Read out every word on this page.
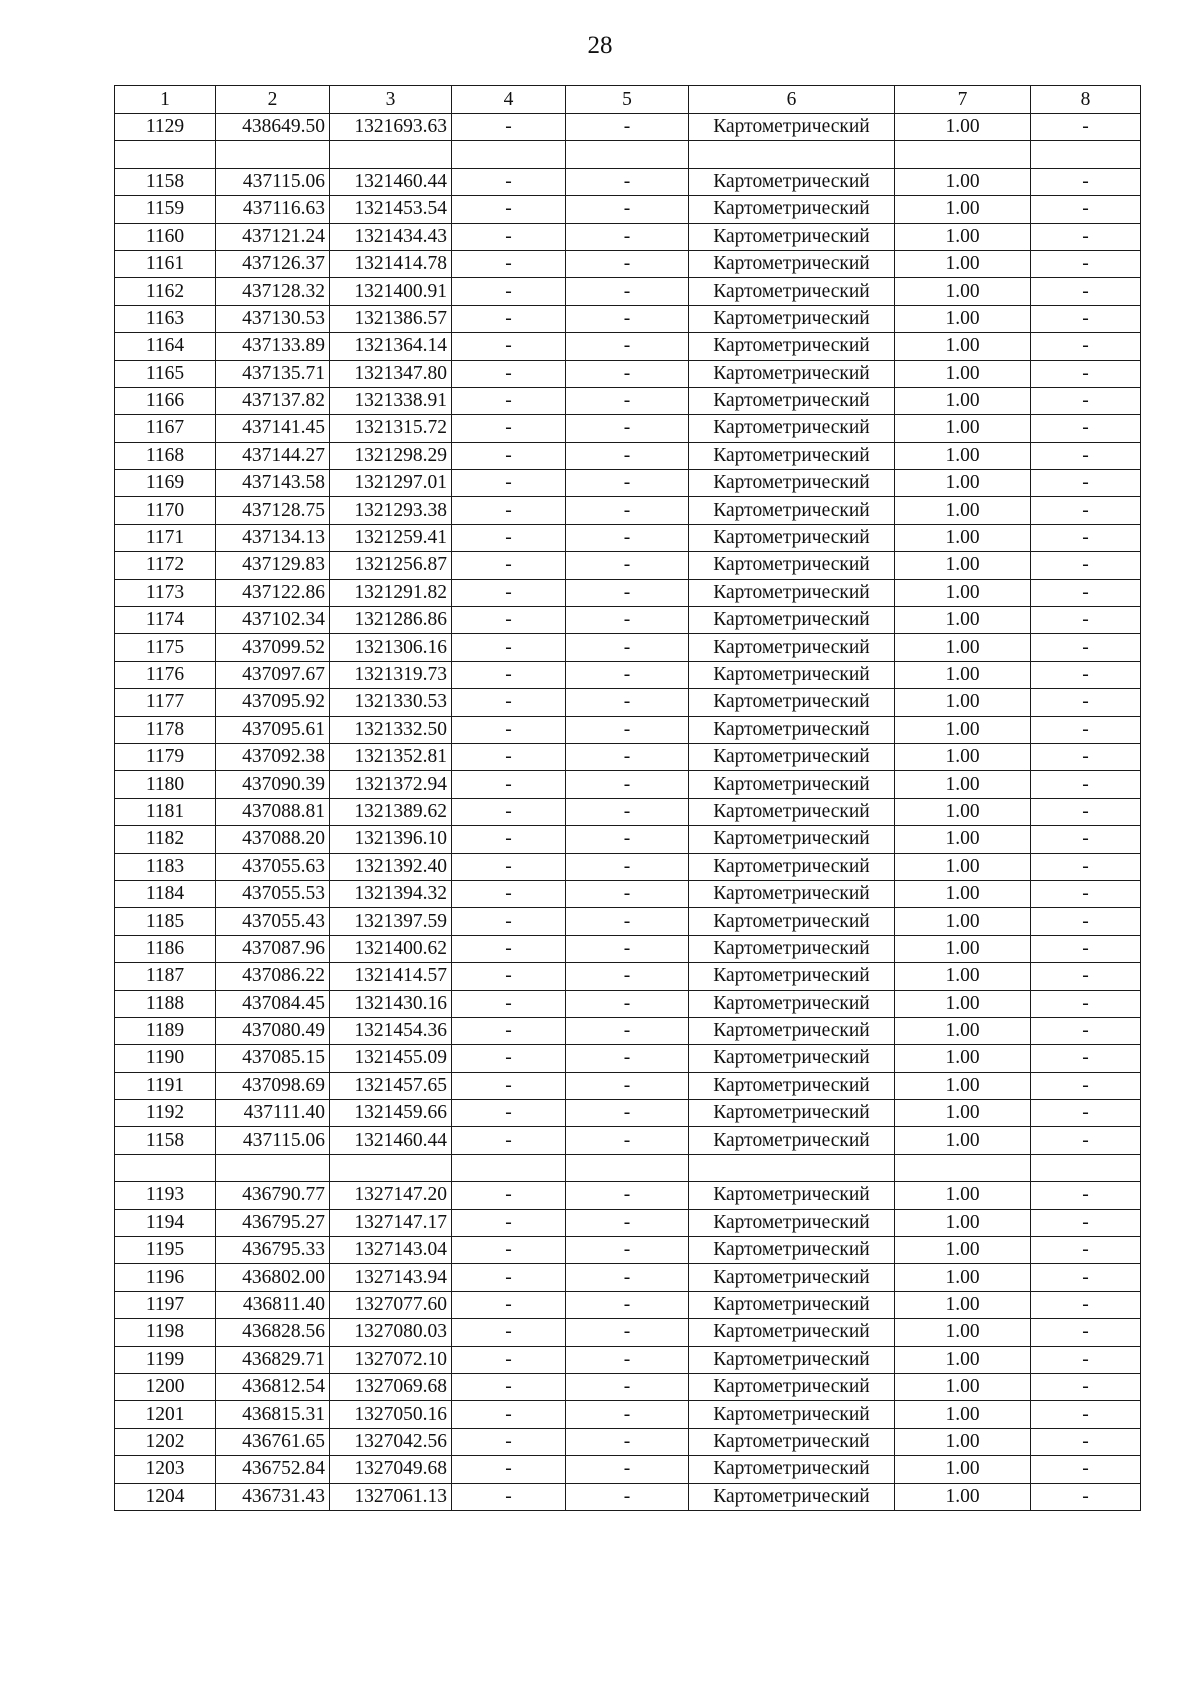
28
1	2	3	4	5	6	7	8
1129	438649.50	1321693.63	-	-	Картометрический	1.00	-

1158	437115.06	1321460.44	-	-	Картометрический	1.00	-
1159	437116.63	1321453.54	-	-	Картометрический	1.00	-
1160	437121.24	1321434.43	-	-	Картометрический	1.00	-
1161	437126.37	1321414.78	-	-	Картометрический	1.00	-
1162	437128.32	1321400.91	-	-	Картометрический	1.00	-
1163	437130.53	1321386.57	-	-	Картометрический	1.00	-
1164	437133.89	1321364.14	-	-	Картометрический	1.00	-
1165	437135.71	1321347.80	-	-	Картометрический	1.00	-
1166	437137.82	1321338.91	-	-	Картометрический	1.00	-
1167	437141.45	1321315.72	-	-	Картометрический	1.00	-
1168	437144.27	1321298.29	-	-	Картометрический	1.00	-
1169	437143.58	1321297.01	-	-	Картометрический	1.00	-
1170	437128.75	1321293.38	-	-	Картометрический	1.00	-
1171	437134.13	1321259.41	-	-	Картометрический	1.00	-
1172	437129.83	1321256.87	-	-	Картометрический	1.00	-
1173	437122.86	1321291.82	-	-	Картометрический	1.00	-
1174	437102.34	1321286.86	-	-	Картометрический	1.00	-
1175	437099.52	1321306.16	-	-	Картометрический	1.00	-
1176	437097.67	1321319.73	-	-	Картометрический	1.00	-
1177	437095.92	1321330.53	-	-	Картометрический	1.00	-
1178	437095.61	1321332.50	-	-	Картометрический	1.00	-
1179	437092.38	1321352.81	-	-	Картометрический	1.00	-
1180	437090.39	1321372.94	-	-	Картометрический	1.00	-
1181	437088.81	1321389.62	-	-	Картометрический	1.00	-
1182	437088.20	1321396.10	-	-	Картометрический	1.00	-
1183	437055.63	1321392.40	-	-	Картометрический	1.00	-
1184	437055.53	1321394.32	-	-	Картометрический	1.00	-
1185	437055.43	1321397.59	-	-	Картометрический	1.00	-
1186	437087.96	1321400.62	-	-	Картометрический	1.00	-
1187	437086.22	1321414.57	-	-	Картометрический	1.00	-
1188	437084.45	1321430.16	-	-	Картометрический	1.00	-
1189	437080.49	1321454.36	-	-	Картометрический	1.00	-
1190	437085.15	1321455.09	-	-	Картометрический	1.00	-
1191	437098.69	1321457.65	-	-	Картометрический	1.00	-
1192	437111.40	1321459.66	-	-	Картометрический	1.00	-
1158	437115.06	1321460.44	-	-	Картометрический	1.00	-

1193	436790.77	1327147.20	-	-	Картометрический	1.00	-
1194	436795.27	1327147.17	-	-	Картометрический	1.00	-
1195	436795.33	1327143.04	-	-	Картометрический	1.00	-
1196	436802.00	1327143.94	-	-	Картометрический	1.00	-
1197	436811.40	1327077.60	-	-	Картометрический	1.00	-
1198	436828.56	1327080.03	-	-	Картометрический	1.00	-
1199	436829.71	1327072.10	-	-	Картометрический	1.00	-
1200	436812.54	1327069.68	-	-	Картометрический	1.00	-
1201	436815.31	1327050.16	-	-	Картометрический	1.00	-
1202	436761.65	1327042.56	-	-	Картометрический	1.00	-
1203	436752.84	1327049.68	-	-	Картометрический	1.00	-
1204	436731.43	1327061.13	-	-	Картометрический	1.00	-
